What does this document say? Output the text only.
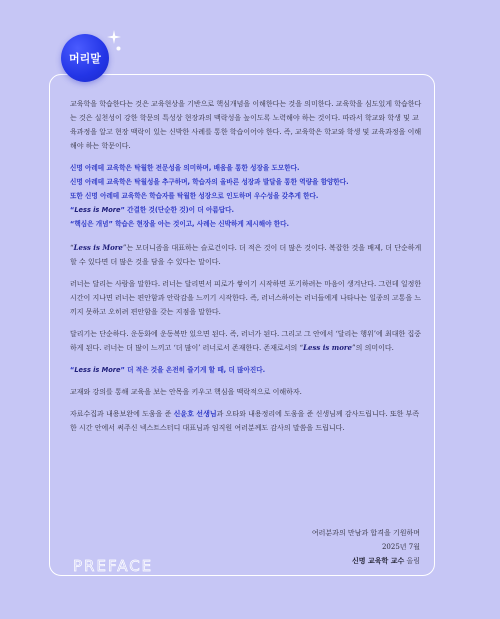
머리말

교육학을 학습한다는 것은 교육현상을 기반으로 핵심개념을 이해한다는 것을 의미한다. 교육학을 심도있게 학습한다는 것은 실천성이 강한 학문의 특성상 현장과의 맥락성을 높이도록 노력해야 하는 것이다. 따라서 학교와 학생 및 교육과정을 알고 현장 맥락이 있는 신박한 사례를 통한 학습이어야 한다. 즉, 교육학은 학교와 학생 및 교육과정을 이해해야 하는 학문이다.

신명 아레테 교육학은 탁월한 전문성을 의미하며, 배움을 통한 성장을 도모한다.
신명 아레테 교육학은 탁월성을 추구하며, 학습자의 올바른 성장과 발달을 통한 역량을 함양한다.
또한 신명 아레테 교육학은 학습자를 탁월한 성장으로 인도하며 우수성을 갖추게 한다.
“Less is More” 간결한 것(단순한 것)이 더 아름답다.
“핵심은 개념” 학습은 현장을 아는 것이고, 사례는 신박하게 제시해야 한다.

“Less is More”는 모더니즘을 대표하는 슬로건이다. 더 적은 것이 더 많은 것이다. 복잡한 것을 배제, 더 단순하게 할 수 있다면 더 많은 것을 담을 수 있다는 말이다.

러너는 달리는 사람을 말한다. 러너는 달리면서 피로가 쌓이기 시작하면 포기하려는 마음이 생겨난다. 그런데 일정한 시간이 지나면 러너는 편안함과 안락감을 느끼기 시작한다. 즉, 러너스하이는 러너들에게 나타나는 일종의 고통을 느끼지 못하고 오히려 편안함을 갖는 지점을 말한다.

달리기는 단순하다. 운동화에 운동복만 있으면 된다. 즉, 러너가 된다. 그리고 그 안에서 ‘달리는 행위’에 최대한 집중하게 된다. 러너는 더 많이 느끼고 ‘더 많이’ 러너로서 존재한다. 존재로서의 “Less is more”의 의미이다.

“Less is More” 더 적은 것을 온전히 즐기게 할 때, 더 많아진다.

교재와 강의를 통해 교육을 보는 안목을 키우고 핵심을 맥락적으로 이해하자.

자료수집과 내용보완에 도움을 준 신윤호 선생님과 오타와 내용정리에 도움을 준 신생님께 감사드립니다. 또한 부족한 시간 안에서 써주신 넥스트스터디 대표님과 임직원 여러분께도 감사의 말씀을 드립니다.

여러분과의 만남과 합격을 기원하며
2025년 7월
신명 교육학 교수 올림
PREFACE
